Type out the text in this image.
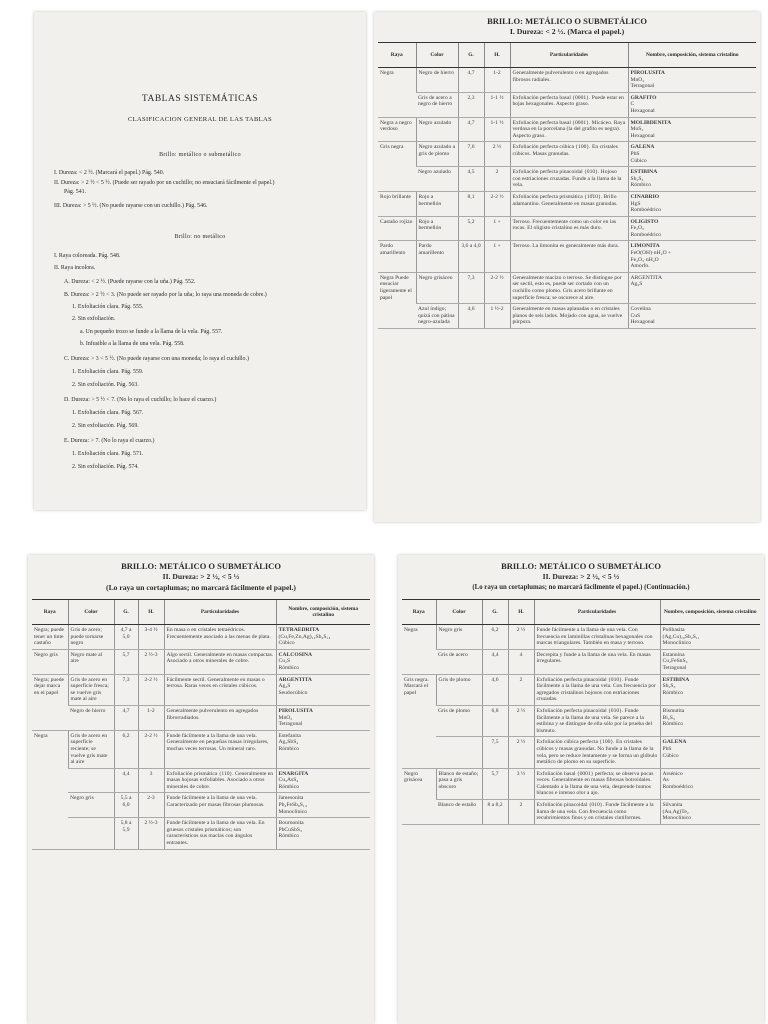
TABLAS SISTEMÁTICAS
CLASIFICACION GENERAL DE LAS TABLAS
Brillo: metálico o submetálico
I. Dureza: < 2 ½. (Marcará el papel.) Pág. 540.
II. Dureza: > 2 ½ < 5 ½. (Puede ser rayado por un cuchillo; no ensuciará fácilmente el papel.)
Pág. 541.
III. Dureza: > 5 ½. (No puede rayarse con un cuchillo.) Pág. 546.
Brillo: no metálico
I. Raya coloreada. Pág. 548.
II. Raya incolora.
A. Dureza: < 2 ½. (Puede rayarse con la uña.) Pág. 552.
B. Dureza: > 2 ½ < 3. (No puede ser rayado por la uña; lo raya una moneda de cobre.)
1. Exfoliación clara. Pág. 555.
2. Sin exfoliación.
a. Un pequeño trozo se funde a la llama de la vela. Pág. 557.
b. Infusible a la llama de una vela. Pág. 558.
C. Dureza: > 3 < 5 ½. (No puede rayarse con una moneda; lo raya el cuchillo.)
1. Exfoliación clara. Pág. 559.
2. Sin exfoliación. Pág. 563.
D. Dureza: > 5 ½ < 7. (No lo raya el cuchillo; lo hace el cuarzo.)
1. Exfoliación clara. Pág. 567.
2. Sin exfoliación. Pág. 569.
E. Dureza: > 7. (No lo raya el cuarzo.)
1. Exfoliación clara. Pág. 571.
2. Sin exfoliación. Pág. 574.
BRILLO: METÁLICO O SUBMETÁLICO
I. Dureza: < 2 ½. (Marca el papel.)
Raya	Color	G.	H.	Particularidades	Nombre, composición, sistema cristalino
Negra	Negro de hierro	4,7	1-2	Generalmente pulverulento o en agregados fibrosos radiales.	PIROLUSITA
MnO₂
Tetragonal

	Gris de acero a negro de hierro	2,3	1-1 ½	Exfoliación perfecta basal {0001}. Puede estar en hojas hexagonales. Aspecto graso.	GRAFITO
C
Hexagonal

Negra a negro verdoso	Negro azulado	4,7	1-1 ½	Exfoliación perfecta basal {0001}. Micáceo. Raya verdosa en la porcelana (la del grafito es negra). Aspecto graso.	MOLIBDENITA
MoS₂
Hexagonal

Gris negra	Negro azulado a gris de plomo	7,6	2 ½	Exfoliación perfecta cúbica {100}. En cristales cúbicos. Masas granudas.	GALENA
PbS
Cúbico

	Negro azulado	4,5	2	Exfoliación perfecta pinacoidal {010}. Hojoso con estriaciones cruzadas. Funde a la llama de la vela.	ESTIBINA
Sb₂S₃
Rómbico

Rojo brillante	Rojo a bermellón	8,1	2-2 ½	Exfoliación perfecta prismática {10̄10}. Brillo adamantino. Generalmente en masas granudas.	CINABRIO
HgS
Romboédrico

Castaño rojizo	Rojo a bermellón	5,2	1 +	Terroso. Frecuentemente como un color en las rocas. El oligisto cristalino es más duro.	OLIGISTO
Fe₂O₃
Romboédrico

Pardo amarillento	Pardo amarillento	3,6 a 4,0	1 +	Terroso. La limonita es generalmente más dura.	LIMONITA
FeO(OH)·nH₂O +
Fe₂O₃·nH₂O
Amorfo.

Negra Puede ensuciar ligeramente el papel	Negro grisáceo	7,3	2-2 ½	Generalmente macizo o terroso. Se distingue por ser sectil, esto es, puede ser cortado con un cuchillo como plomo. Gris acero brillante en superficie fresca; se oscurece al aire.	ARGENTITA
Ag₂S

	Azul índigo; quizá con pátina negro-azulada	4,6	1 ½-2	Generalmente en masas aplanadas o en cristales planos de seis lados. Mojado con agua, se vuelve púrpura.	Covelina
CuS
Hexagonal
BRILLO: METÁLICO O SUBMETÁLICO
II. Dureza: > 2 ½, < 5 ½
(Lo raya un cortaplumas; no marcará fácilmente el papel.)
Raya	Color	G.	H.	Particularidades	Nombre, composición, sistema cristalino
Negra; puede tener un tinte castaño	Gris de acero; puede tornarse negro	4,7 a 5,0	3-4 ½	En masa o en cristales tetraédricos. Frecuentemente asociado a las menas de plata.	TETRAEDRITA
(Cu,Fe,Zn,Ag)₁₂Sb₄S₁₃
Cúbico

Negro gris	Negro mate al aire	5,7	2 ½-3	Algo sectil. Generalmente en masas compactas. Asociado a otros minerales de cobre.	CALCOSINA
Cu₂S
Rómbico

Negra; puede dejar marca en el papel	Gris de acero en superficie fresca; se vuelve gris mate al aire	7,3	2-2 ½	Fácilmente sectil. Generalmente en masas o terrosa. Raras veces en cristales cúbicos.	ARGENTITA
Ag₂S
Seudocúbico

	Negro de hierro	4,7	1-2	Generalmente pulverulento en agregados fibrorradiados.	PIROLUSITA
MnO₂
Tetragonal

Negra	Gris de acero en superficie reciente; se vuelve gris mate al aire	6,2	2-2 ½	Funde fácilmente a la llama de una vela. Generalmente en pequeñas masas irregulares, muchas veces terrosas. Un mineral raro.	Estefanita
Ag₅SbS₄
Rómbico

		4,4	3	Exfoliación prismática {110}. Generalmente en masas hojosas exfoliables. Asociado a otros minerales de cobre.	ENARGITA
Cu₃AsS₄
Rómbico

	Negro gris	5,5 a 6,0	2-3	Funde fácilmente a la llama de una vela. Caracterizado por masas fibrosas plumosas.	Jamesonita
Pb₄FeSb₆S₁₄
Monoclínico

		5,8 a 5,9	2 ½-3	Funde fácilmente a la llama de una vela. En gruesos cristales prismáticos; son característicos sus maclas con ángulos entrantes.	Bournonita
PbCuSbS₃
Rómbico
BRILLO: METÁLICO O SUBMETÁLICO
II. Dureza: > 2 ½, < 5 ½
(Lo raya un cortaplumas; no marcará fácilmente el papel.) (Continuación.)
Raya	Color	G.	H.	Particularidades	Nombre, composición, sistema cristalino
Negra	Negro gris	6,2	2 ½	Funde fácilmente a la llama de una vela. Con frecuencia en laminillas cristalinas hexagonales con marcas triangulares. También en masa y terroso.	Polibasita
(Ag,Cu)₁₆Sb₂S₁₁
Monoclínico

	Gris de acero	4,4	4	Decrepita y funde a la llama de una vela. En masas irregulares.	Estannina
Cu₂FeSnS₄
Tetragonal

Gris negra. Marcará el papel	Gris de plomo	4,6	2	Exfoliación perfecta pinacoidal {010}. Funde fácilmente a la llama de una vela. Con frecuencia por agregados cristalinos hojosos con estriaciones cruzadas.	ESTIBINA
Sb₂S₃
Rómbico

	Gris de plomo	6,8	2 ½	Exfoliación perfecta pinacoidal {010}. Funde fácilmente a la llama de una vela. Se parece a la estibina y se distingue de ella sólo por la prueba del bismuto.	Bismutita
Bi₂S₃
Rómbico

		7,5	2 ½	Exfoliación cúbica perfecta {100}. En cristales cúbicos y masas granudas. No funde a la llama de la vela, pero se reduce lentamente y se forma un glóbulo metálico de plomo en su superficie.	GALENA
PbS
Cúbico

Negro grisácea	Blanco de estaño; pasa a gris obscuro	5,7	3 ½	Exfoliación basal {0001} perfecta; se observa pocas veces. Generalmente en masas fibrosas botroidales. Calentado a la llama de una vela, desprende humos blancos e intenso olor a ajo.	Arsénico
As
Romboédrico

	Blanco de estaño	8 a 8,2	2	Exfoliación pinacoidal {010}. Funde fácilmente a la llama de una vela. Con frecuencia como recubrimientos finos y en cristales cintiformes.	Silvanita
(Au,Ag)Te₂
Monoclínico
